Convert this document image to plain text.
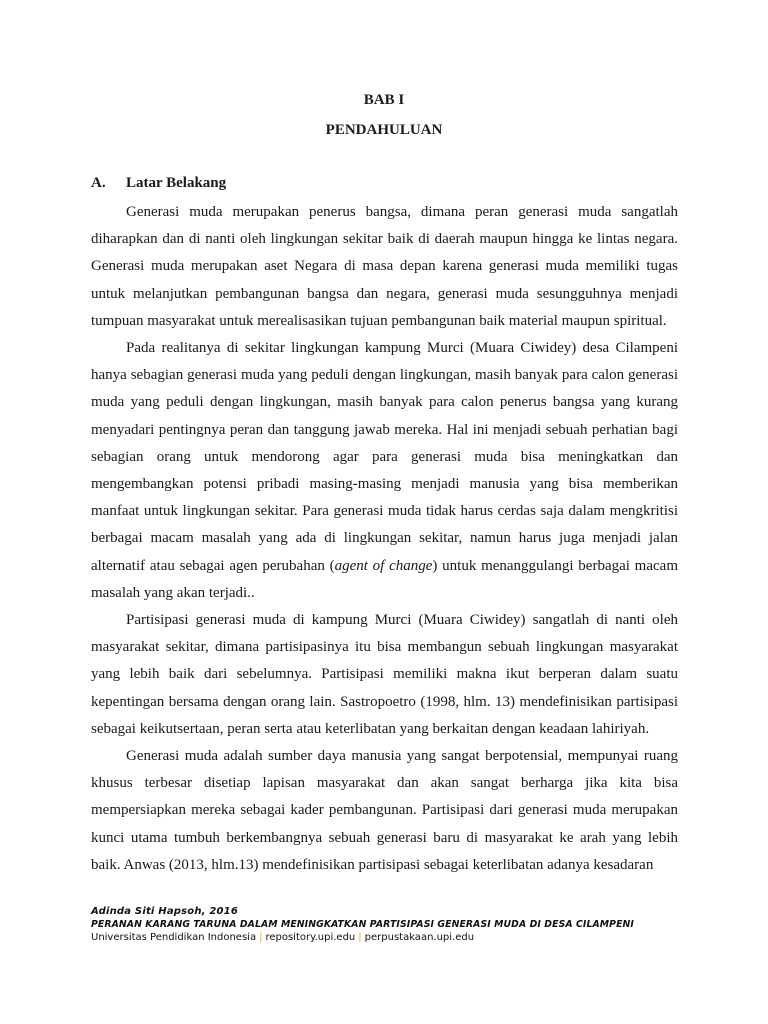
BAB I
PENDAHULUAN
A. Latar Belakang

Generasi muda merupakan penerus bangsa, dimana peran generasi muda sangatlah diharapkan dan di nanti oleh lingkungan sekitar baik di daerah maupun hingga ke lintas negara. Generasi muda merupakan aset Negara di masa depan karena generasi muda memiliki tugas untuk melanjutkan pembangunan bangsa dan negara, generasi muda sesungguhnya menjadi tumpuan masyarakat untuk merealisasikan tujuan pembangunan baik material maupun spiritual.

Pada realitanya di sekitar lingkungan kampung Murci (Muara Ciwidey) desa Cilampeni hanya sebagian generasi muda yang peduli dengan lingkungan, masih banyak para calon generasi muda yang peduli dengan lingkungan, masih banyak para calon penerus bangsa yang kurang menyadari pentingnya peran dan tanggung jawab mereka. Hal ini menjadi sebuah perhatian bagi sebagian orang untuk mendorong agar para generasi muda bisa meningkatkan dan mengembangkan potensi pribadi masing-masing menjadi manusia yang bisa memberikan manfaat untuk lingkungan sekitar. Para generasi muda tidak harus cerdas saja dalam mengkritisi berbagai macam masalah yang ada di lingkungan sekitar, namun harus juga menjadi jalan alternatif atau sebagai agen perubahan (agent of change) untuk menanggulangi berbagai macam masalah yang akan terjadi..

Partisipasi generasi muda di kampung Murci (Muara Ciwidey) sangatlah di nanti oleh masyarakat sekitar, dimana partisipasinya itu bisa membangun sebuah lingkungan masyarakat yang lebih baik dari sebelumnya. Partisipasi memiliki makna ikut berperan dalam suatu kepentingan bersama dengan orang lain. Sastropoetro (1998, hlm. 13) mendefinisikan partisipasi sebagai keikutsertaan, peran serta atau keterlibatan yang berkaitan dengan keadaan lahiriyah.

Generasi muda adalah sumber daya manusia yang sangat berpotensial, mempunyai ruang khusus terbesar disetiap lapisan masyarakat dan akan sangat berharga jika kita bisa mempersiapkan mereka sebagai kader pembangunan. Partisipasi dari generasi muda merupakan kunci utama tumbuh berkembangnya sebuah generasi baru di masyarakat ke arah yang lebih baik. Anwas (2013, hlm.13) mendefinisikan partisipasi sebagai keterlibatan adanya kesadaran

Adinda Siti Hapsoh, 2016
PERANAN KARANG TARUNA DALAM MENINGKATKAN PARTISIPASI GENERASI MUDA DI DESA CILAMPENI
Universitas Pendidikan Indonesia | repository.upi.edu | perpustakaan.upi.edu
